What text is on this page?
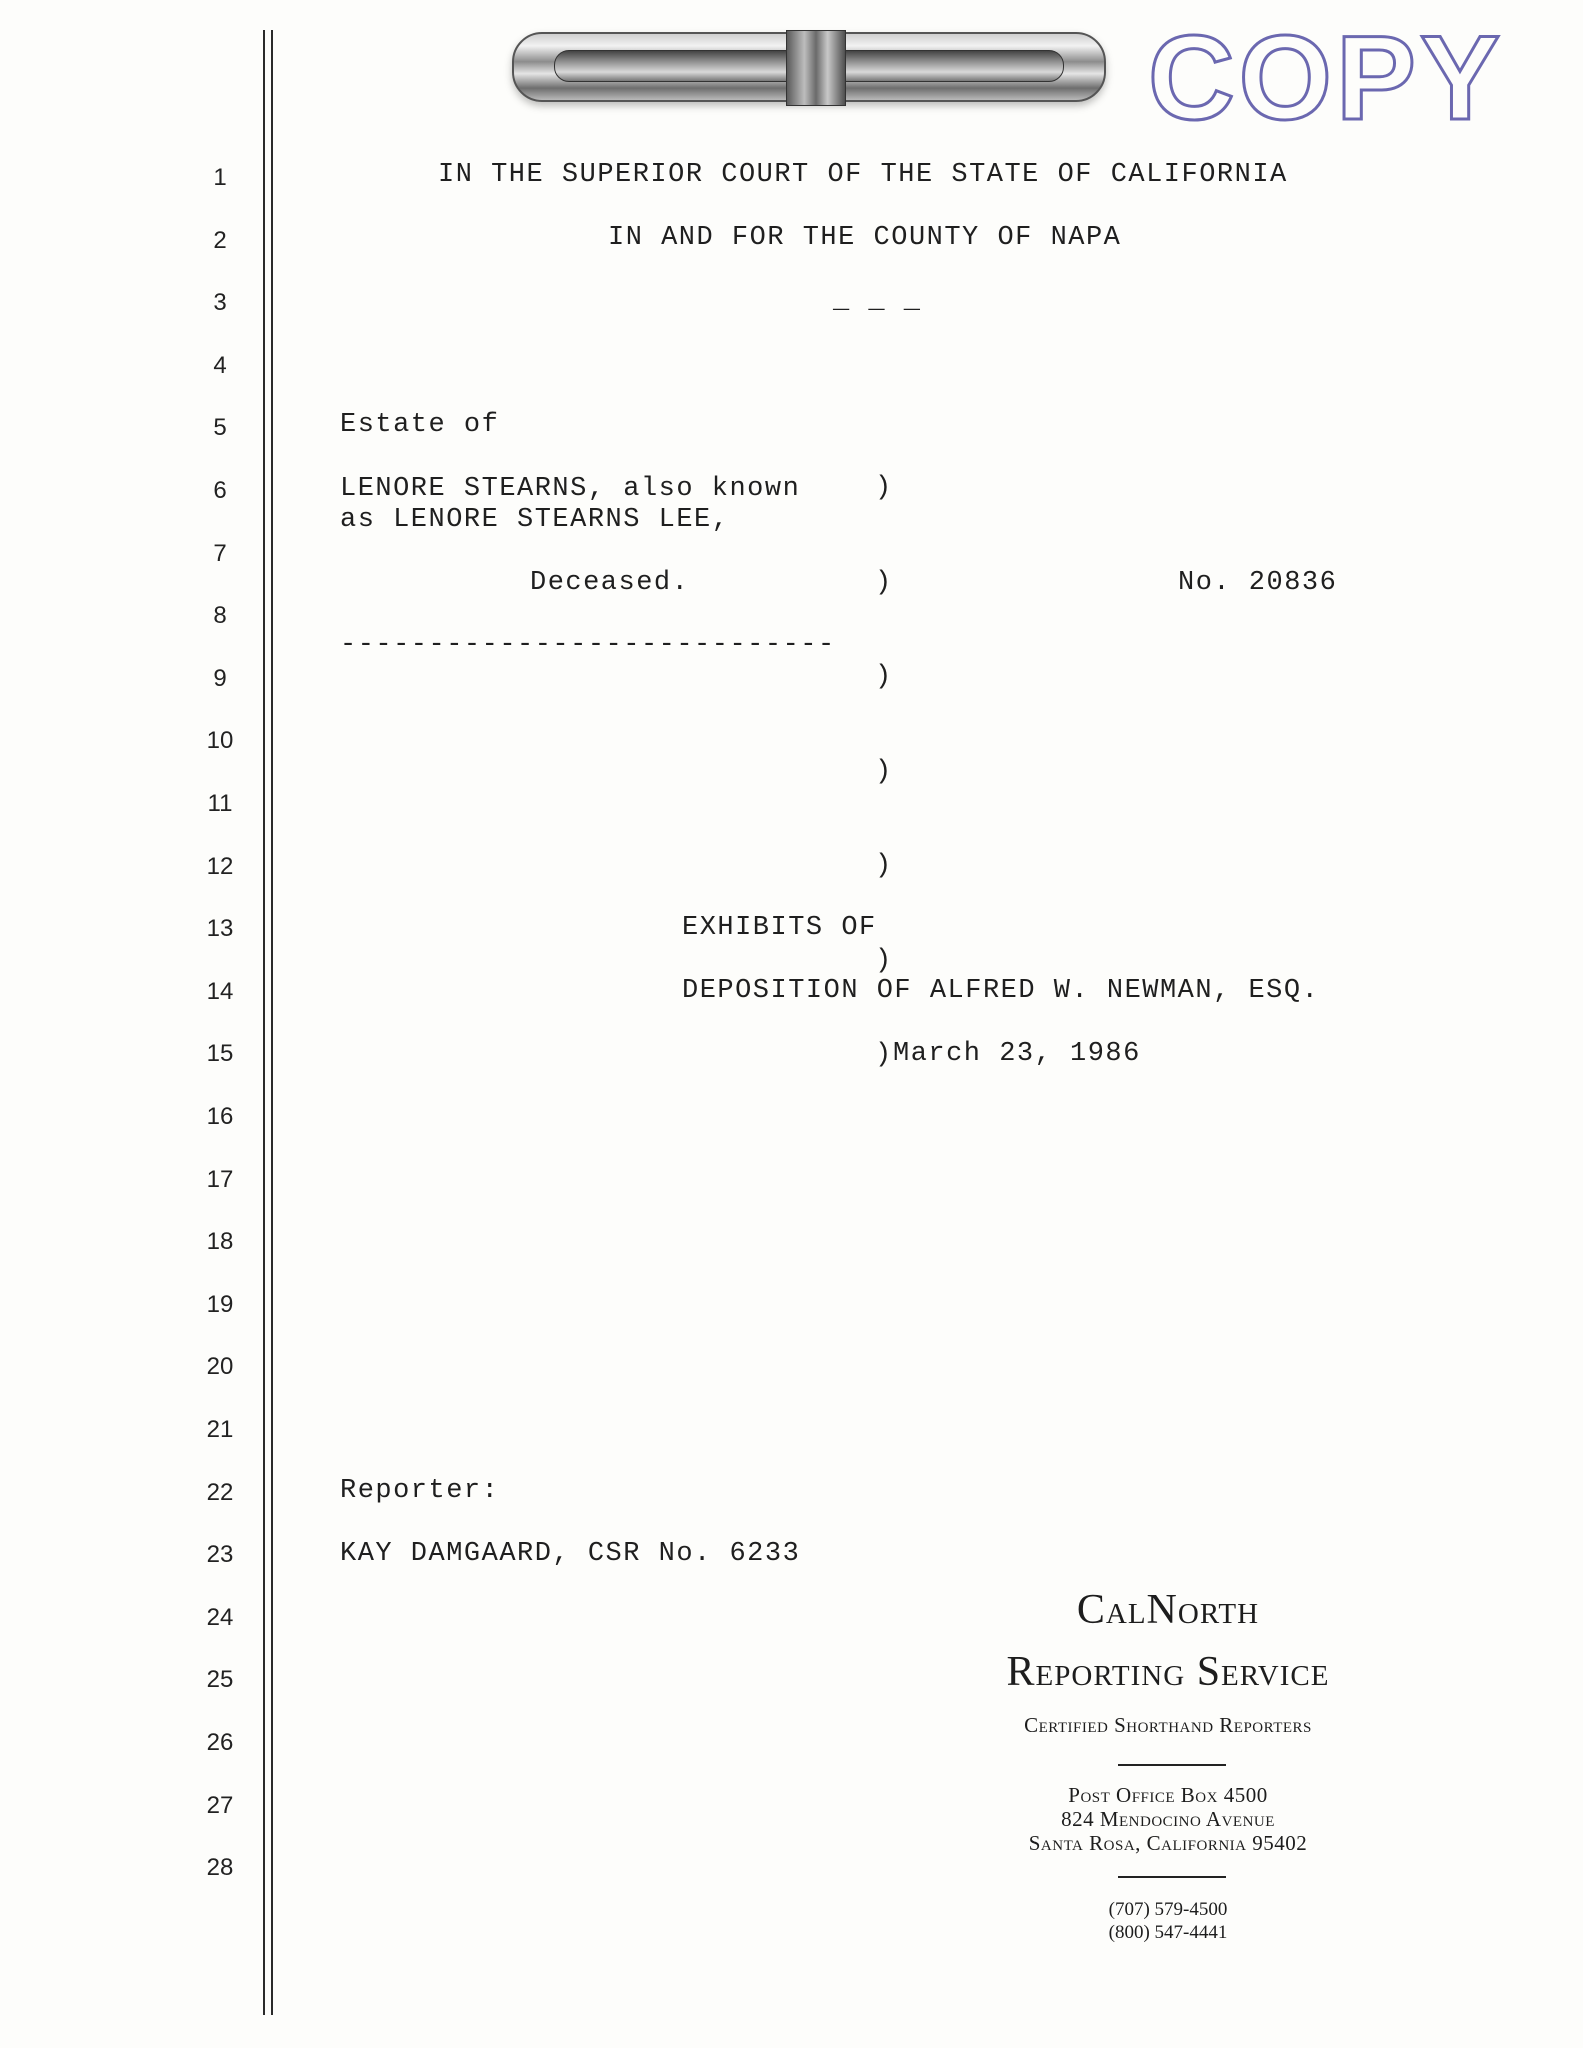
COPY
1
2
3
4
5
6
7
8
9
10
11
12
13
14
15
16
17
18
19
20
21
22
23
24
25
26
27
28
IN THE SUPERIOR COURT OF THE STATE OF CALIFORNIA
IN AND FOR THE COUNTY OF NAPA
_ _ _
Estate of
LENORE STEARNS, also known
as LENORE STEARNS LEE,
Deceased.
----------------------------

)

)

)

)

)

)

)

No. 20836
EXHIBITS OF
DEPOSITION OF ALFRED W. NEWMAN, ESQ.
March 23, 1986
Reporter:
KAY DAMGAARD, CSR No. 6233
CalNorth
Reporting Service
Certified Shorthand Reporters
Post Office Box 4500
824 Mendocino Avenue
Santa Rosa, California 95402
(707) 579-4500
(800) 547-4441
